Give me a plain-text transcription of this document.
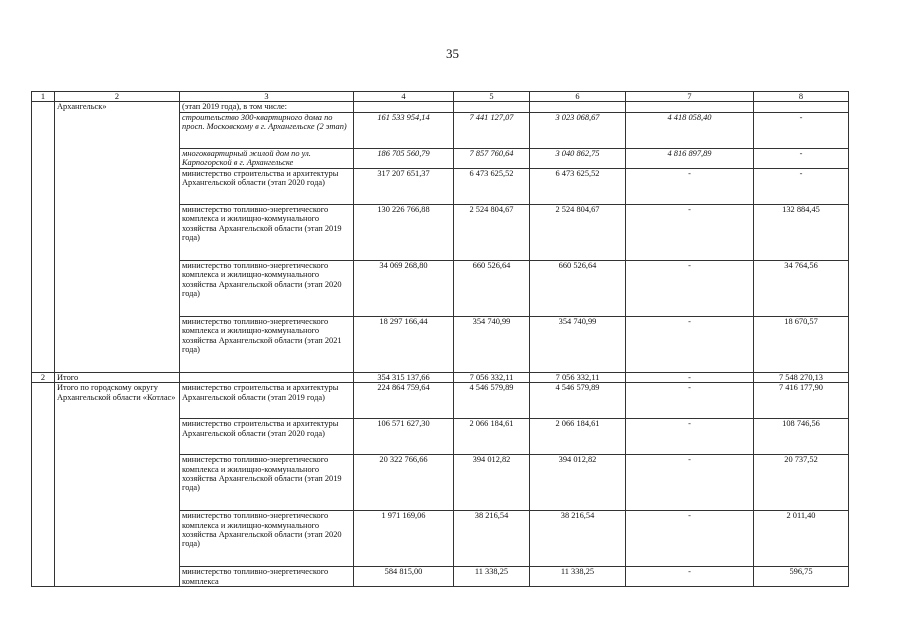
35
1	2	3	4	5	6	7	8
	Архангельск»	(этап 2019 года), в том числе:					
		строительство 300-квартирного дома по просп. Московскому в г. Архангельске (2 этап)	161 533 954,14	7 441 127,07	3 023 068,67	4 418 058,40	-
		многоквартирный жилой дом по ул. Карпогорской в г. Архангельске	186 705 560,79	7 857 760,64	3 040 862,75	4 816 897,89	-
		министерство строительства и архитектуры Архангельской области (этап 2020 года)	317 207 651,37	6 473 625,52	6 473 625,52	-	-
		министерство топливно-энергетического комплекса и жилищно-коммунального хозяйства Архангельской области (этап 2019 года)	130 226 766,88	2 524 804,67	2 524 804,67	-	132 884,45
		министерство топливно-энергетического комплекса и жилищно-коммунального хозяйства Архангельской области (этап 2020 года)	34 069 268,80	660 526,64	660 526,64	-	34 764,56
		министерство топливно-энергетического комплекса и жилищно-коммунального хозяйства Архангельской области (этап 2021 года)	18 297 166,44	354 740,99	354 740,99	-	18 670,57
2	Итого		354 315 137,66	7 056 332,11	7 056 332,11	-	7 548 270,13
	Итого по городскому округу Архангельской области «Котлас»	министерство строительства и архитектуры Архангельской области (этап 2019 года)	224 864 759,64	4 546 579,89	4 546 579,89	-	7 416 177,90
		министерство строительства и архитектуры Архангельской области (этап 2020 года)	106 571 627,30	2 066 184,61	2 066 184,61	-	108 746,56
		министерство топливно-энергетического комплекса и жилищно-коммунального хозяйства Архангельской области (этап 2019 года)	20 322 766,66	394 012,82	394 012,82	-	20 737,52
		министерство топливно-энергетического комплекса и жилищно-коммунального хозяйства Архангельской области (этап 2020 года)	1 971 169,06	38 216,54	38 216,54	-	2 011,40
		министерство топливно-энергетического комплекса	584 815,00	11 338,25	11 338,25	-	596,75
